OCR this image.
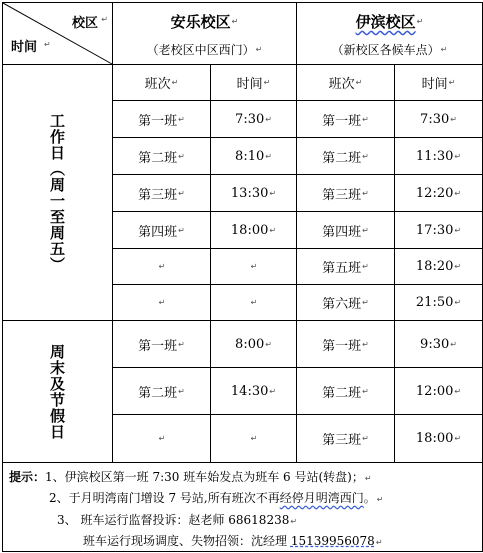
校区 ↵
时间 ↵
安乐校区 ↵
（老校区中区西门） ↵
伊滨校区 ↵
（新校区各候车点） ↵
班次 ↵	时间 ↵	班次 ↵	时间 ↵
工作日（周一至周五）
周末及节假日
第一班 ↵	7:30 ↵	第一班 ↵	7:30 ↵
第二班 ↵	8:10 ↵	第二班 ↵	11:30 ↵
第三班 ↵	13:30 ↵	第三班 ↵	12:20 ↵
第四班 ↵	18:00 ↵	第四班 ↵	17:30 ↵
↵	↵	第五班 ↵	18:20 ↵
↵	↵	第六班 ↵	21:50 ↵
第一班 ↵	8:00 ↵	第一班 ↵	9:30 ↵
第二班 ↵	14:30 ↵	第二班 ↵	12:00 ↵
↵	↵	第三班 ↵	18:00 ↵
提示：1、伊滨校区第一班 7:30 班车始发点为班车 6 号站(转盘)；↵
2、于月明湾南门增设 7 号站,所有班次不再经停月明湾西门。↵
3、 班车运行监督投诉：赵老师 68618238↵
班车运行现场调度、失物招领：沈经理 15139956078↵
